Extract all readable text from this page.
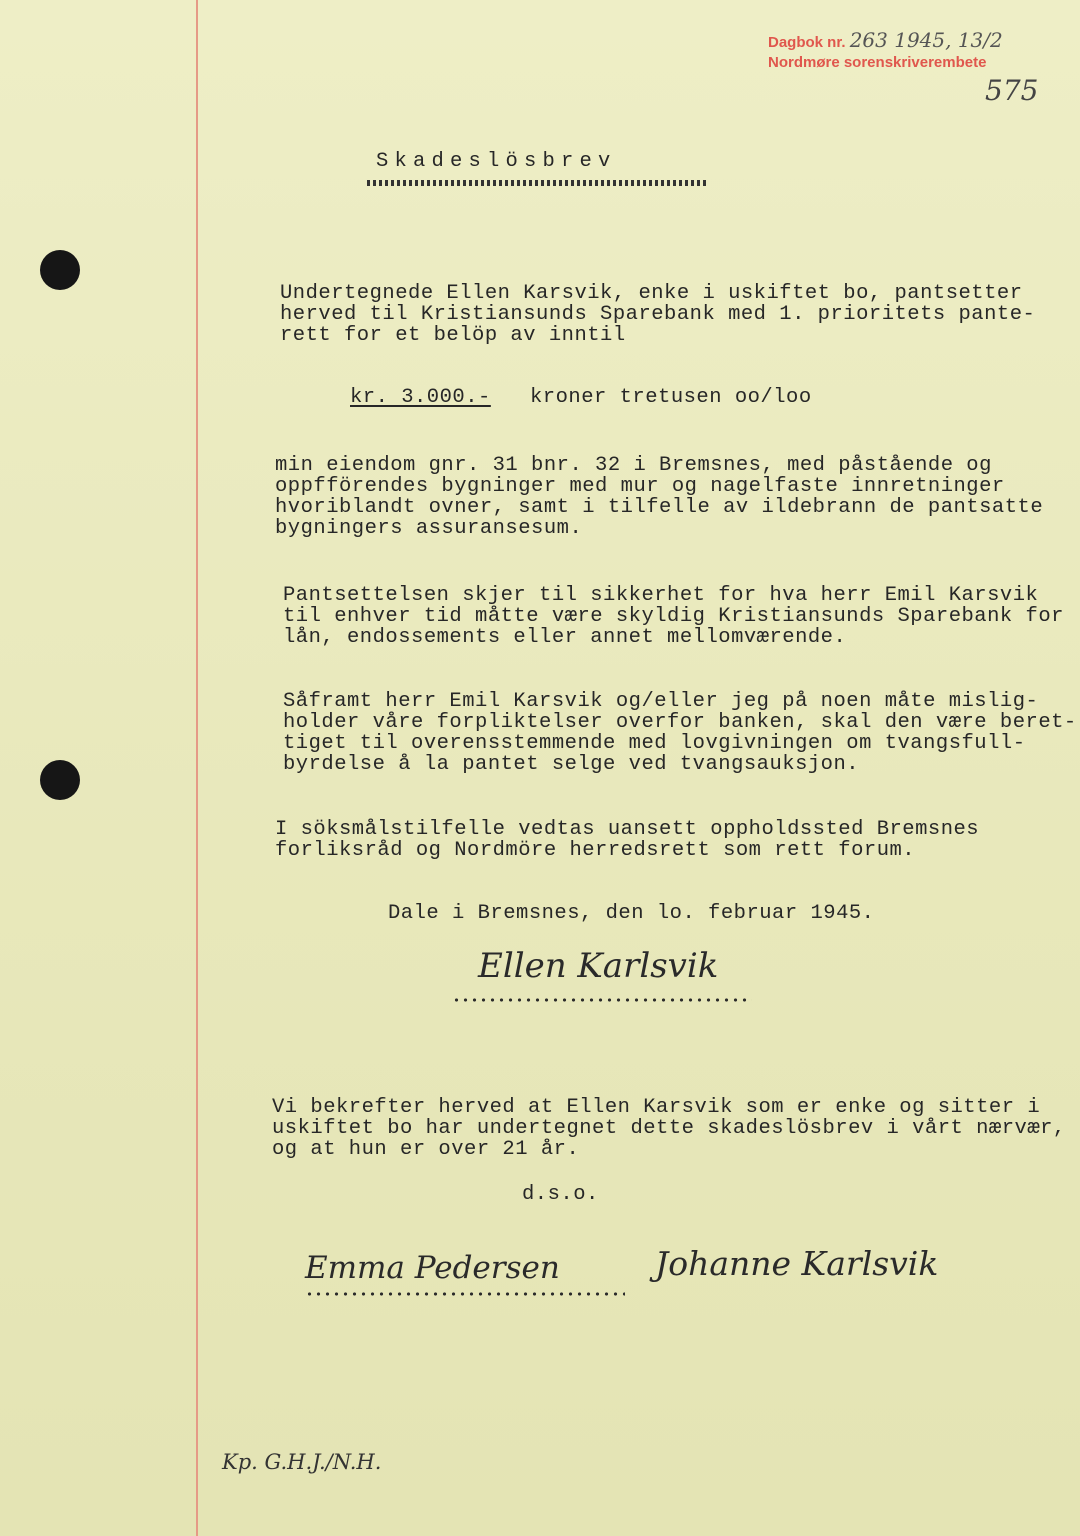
Dagbok nr. 263 1945, 13/2
Nordmøre sorenskriverembete
575
Skadeslösbrev
Undertegnede Ellen Karsvik, enke i uskiftet bo, pantsetter
herved til Kristiansunds Sparebank med 1. prioritets pante-
rett for et belöp av inntil
kr. 3.000.- kroner tretusen oo/loo
min eiendom gnr. 31 bnr. 32 i Bremsnes, med påstående og
oppfförendes bygninger med mur og nagelfaste innretninger
hvoriblandt ovner, samt i tilfelle av ildebrann de pantsatte
bygningers assuransesum.
Pantsettelsen skjer til sikkerhet for hva herr Emil Karsvik
til enhver tid måtte være skyldig Kristiansunds Sparebank for
lån, endossements eller annet mellomværende.
Såframt herr Emil Karsvik og/eller jeg på noen måte mislig-
holder våre forpliktelser overfor banken, skal den være beret-
tiget til overensstemmende med lovgivningen om tvangsfull-
byrdelse å la pantet selge ved tvangsauksjon.
I söksmålstilfelle vedtas uansett oppholdssted Bremsnes
forliksråd og Nordmöre herredsrett som rett forum.
Dale i Bremsnes, den lo. februar 1945.
Ellen Karlsvik
Vi bekrefter herved at Ellen Karsvik som er enke og sitter i
uskiftet bo har undertegnet dette skadeslösbrev i vårt nærvær,
og at hun er over 21 år.
d.s.o.
Emma Pedersen	Johanne Karlsvik
Kp. G.H.J./N.H.
